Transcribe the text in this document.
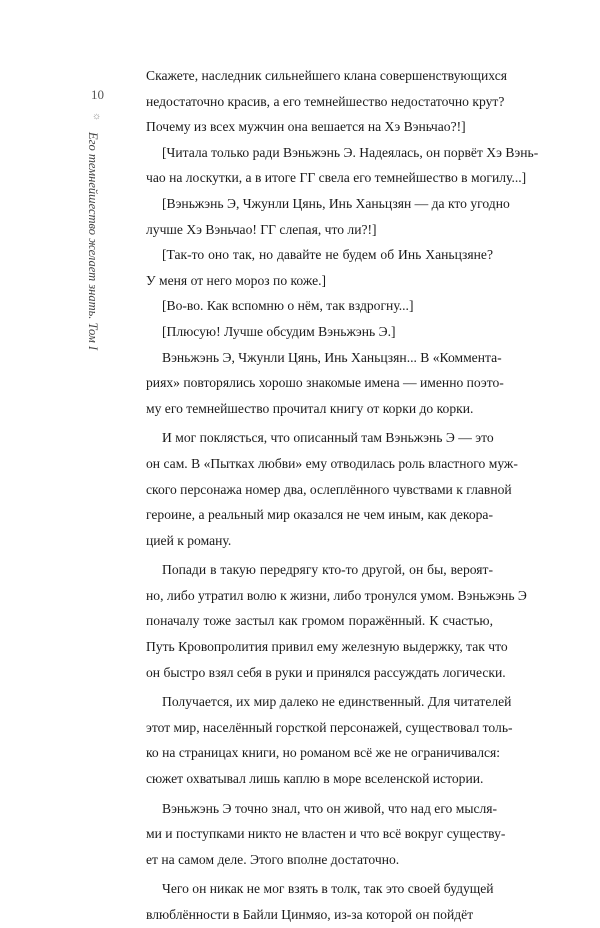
10
☼
Его темнейшество желает знать. Том I
Скажете, наследник сильнейшего клана совершенствующихся
недостаточно красив, а его темнейшество недостаточно крут?
Почему из всех мужчин она вешается на Хэ Вэньчао?!]
[Читала только ради Вэньжэнь Э. Надеялась, он порвёт Хэ Вэнь-
чао на лоскутки, а в итоге ГГ свела его темнейшество в могилу...]
[Вэньжэнь Э, Чжунли Цянь, Инь Ханьцзян — да кто угодно
лучше Хэ Вэньчао! ГГ слепая, что ли?!]
[Так-то оно так, но давайте не будем об Инь Ханьцзяне?
У меня от него мороз по коже.]
[Во-во. Как вспомню о нём, так вздрогну...]
[Плюсую! Лучше обсудим Вэньжэнь Э.]
Вэньжэнь Э, Чжунли Цянь, Инь Ханьцзян... В «Коммента-
риях» повторялись хорошо знакомые имена — именно поэто-
му его темнейшество прочитал книгу от корки до корки.
И мог поклясться, что описанный там Вэньжэнь Э — это
он сам. В «Пытках любви» ему отводилась роль властного муж-
ского персонажа номер два, ослеплённого чувствами к главной
героине, а реальный мир оказался не чем иным, как декора-
цией к роману.
Попади в такую передрягу кто-то другой, он бы, вероят-
но, либо утратил волю к жизни, либо тронулся умом. Вэньжэнь Э
поначалу тоже застыл как громом поражённый. К счастью,
Путь Кровопролития привил ему железную выдержку, так что
он быстро взял себя в руки и принялся рассуждать логически.
Получается, их мир далеко не единственный. Для читателей
этот мир, населённый горсткой персонажей, существовал толь-
ко на страницах книги, но романом всё же не ограничивался:
сюжет охватывал лишь каплю в море вселенской истории.
Вэньжэнь Э точно знал, что он живой, что над его мысля-
ми и поступками никто не властен и что всё вокруг существу-
ет на самом деле. Этого вполне достаточно.
Чего он никак не мог взять в толк, так это своей будущей
влюблённости в Байли Цинмяо, из-за которой он пойдёт
